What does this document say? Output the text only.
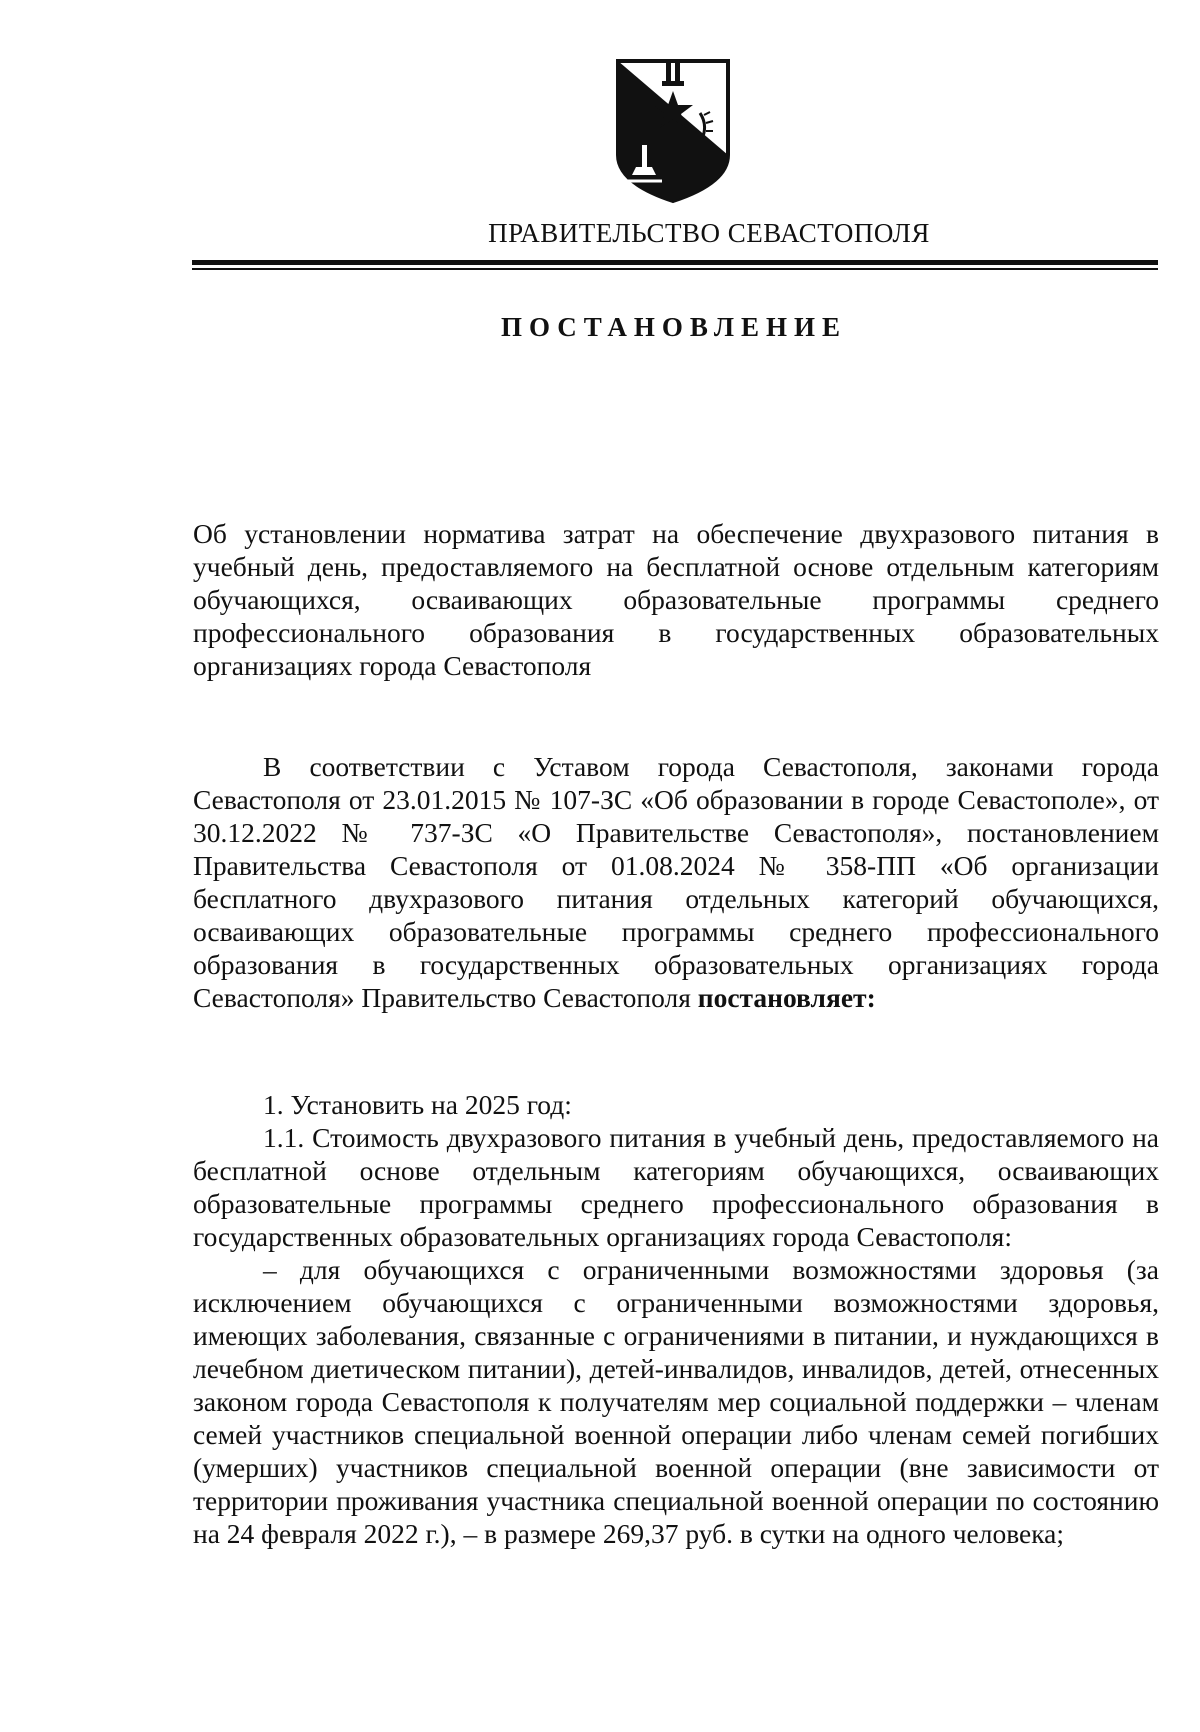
ПРАВИТЕЛЬСТВО СЕВАСТОПОЛЯ
ПОСТАНОВЛЕНИЕ

Об установлении норматива затрат на обеспечение двухразового питания в учебный день, предоставляемого на бесплатной основе отдельным категориям обучающихся, осваивающих образовательные программы среднего профессионального образования в государственных образовательных организациях города Севастополя

В соответствии с Уставом города Севастополя, законами города Севастополя от 23.01.2015 № 107-ЗС «Об образовании в городе Севастополе», от 30.12.2022 № 737-ЗС «О Правительстве Севастополя», постановлением Правительства Севастополя от 01.08.2024 № 358-ПП «Об организации бесплатного двухразового питания отдельных категорий обучающихся, осваивающих образовательные программы среднего профессионального образования в государственных образовательных организациях города Севастополя» Правительство Севастополя постановляет:

1. Установить на 2025 год:

1.1. Стоимость двухразового питания в учебный день, предоставляемого на бесплатной основе отдельным категориям обучающихся, осваивающих образовательные программы среднего профессионального образования в государственных образовательных организациях города Севастополя:

– для обучающихся с ограниченными возможностями здоровья (за исключением обучающихся с ограниченными возможностями здоровья, имеющих заболевания, связанные с ограничениями в питании, и нуждающихся в лечебном диетическом питании), детей-инвалидов, инвалидов, детей, отнесенных законом города Севастополя к получателям мер социальной поддержки – членам семей участников специальной военной операции либо членам семей погибших (умерших) участников специальной военной операции (вне зависимости от территории проживания участника специальной военной операции по состоянию на 24 февраля 2022 г.), – в размере 269,37 руб. в сутки на одного человека;
